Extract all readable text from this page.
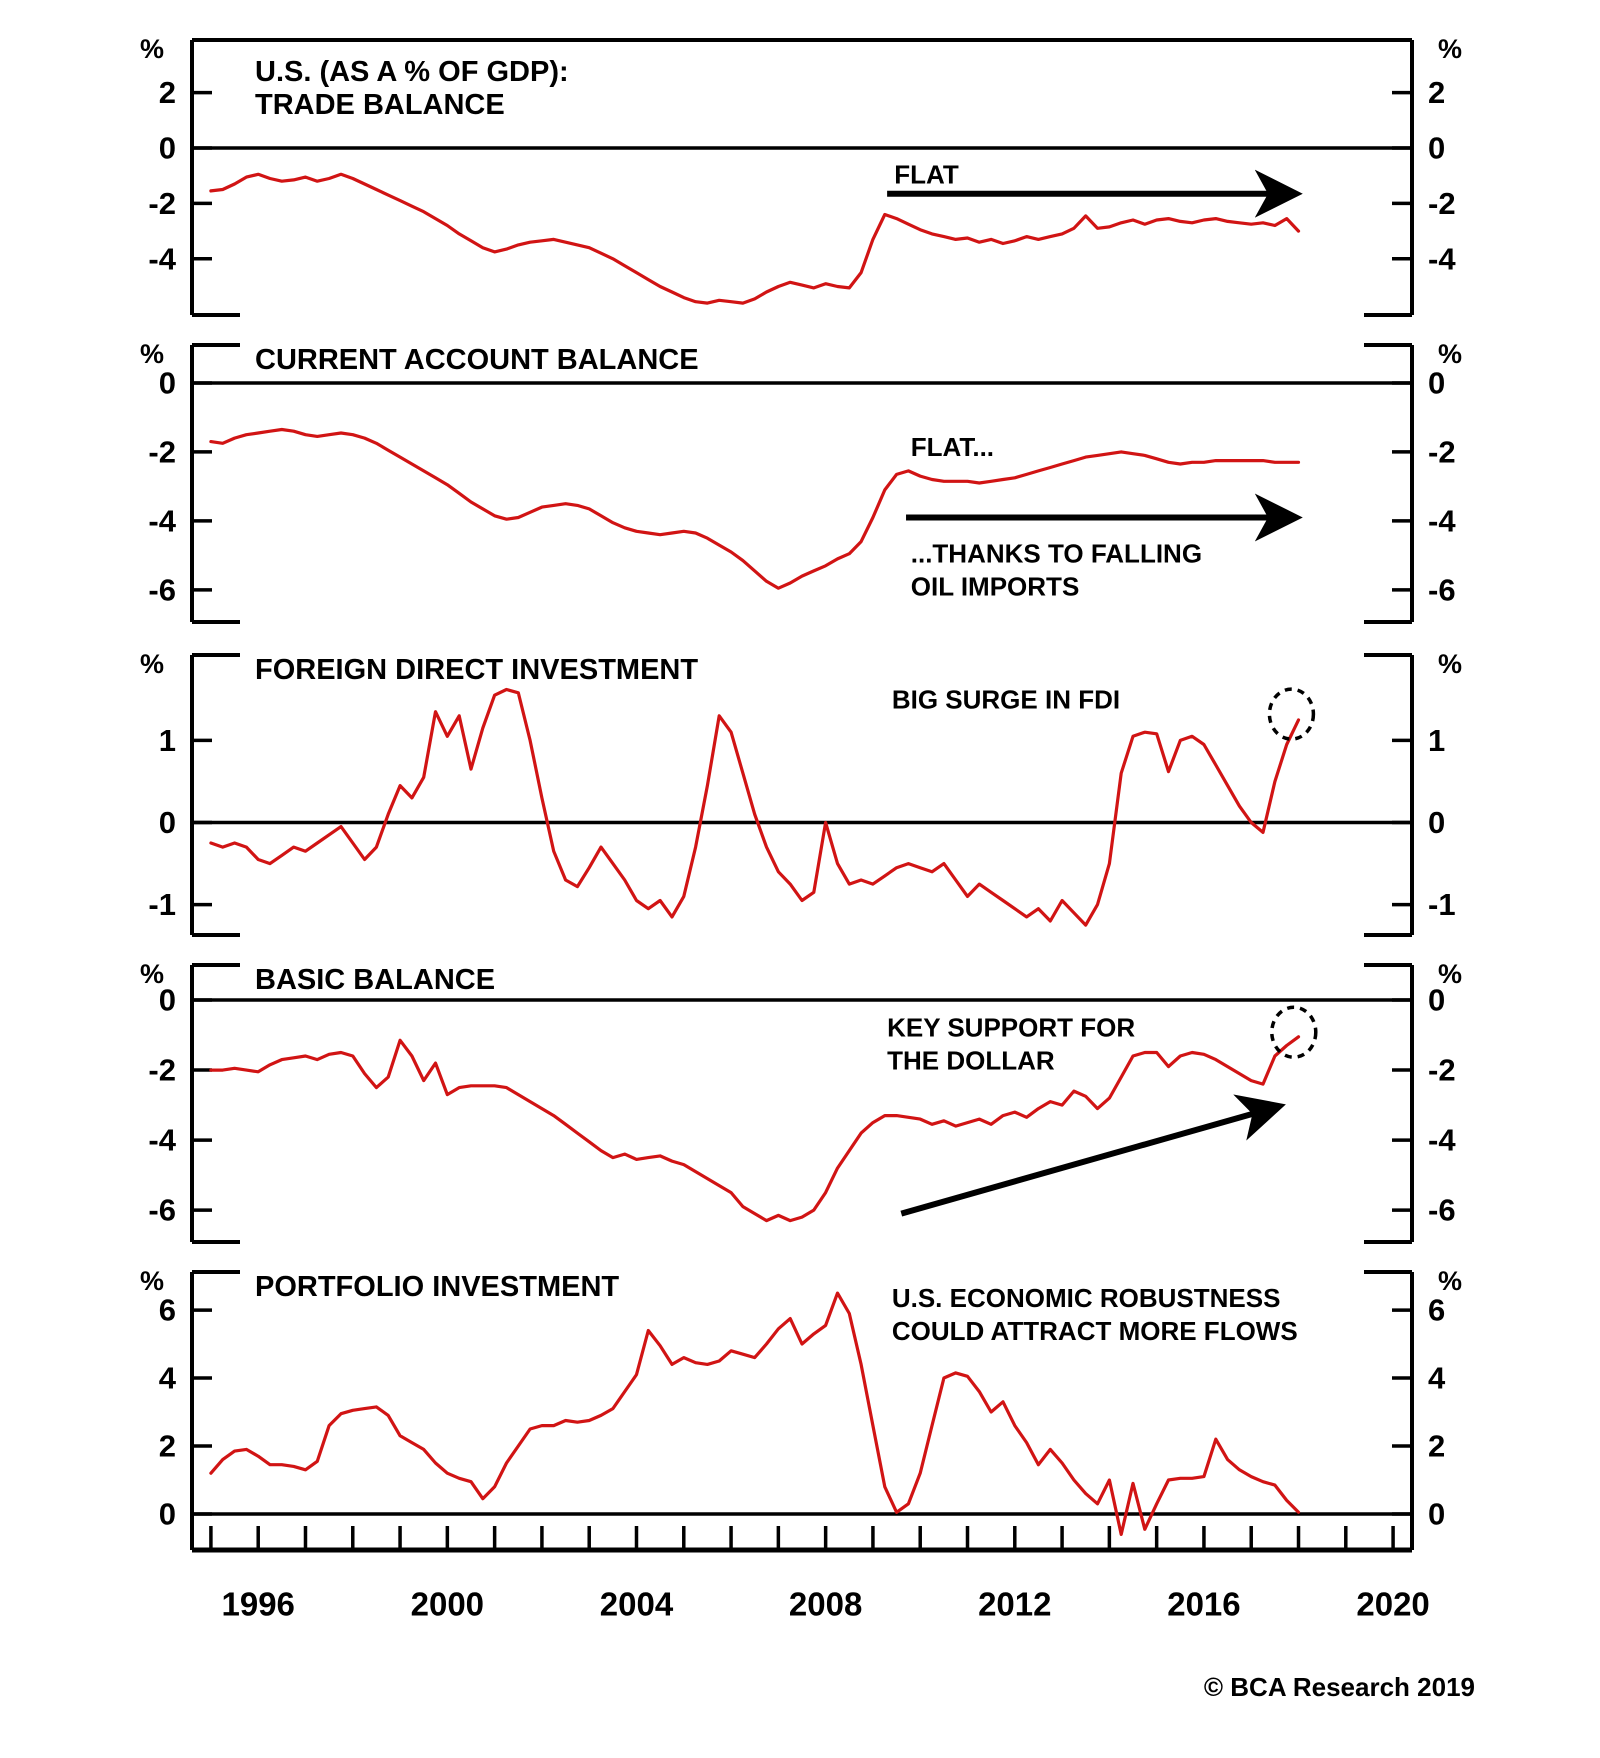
2	2
0	0
-2	-2
-4	-4
%	%
U.S. (AS A % OF GDP):
TRADE BALANCE
FLAT
0	0
-2	-2
-4	-4
-6	-6
%	%
CURRENT ACCOUNT BALANCE
FLAT...
...THANKS TO FALLING
OIL IMPORTS
1	1
0	0
-1	-1
%	%
FOREIGN DIRECT INVESTMENT
BIG SURGE IN FDI
0	0
-2	-2
-4	-4
-6	-6
%	%
BASIC BALANCE
KEY SUPPORT FOR
THE DOLLAR
1996	2000	2004	2008	2012	2016	2020
6	6
4	4
2	2
0	0
%	%
PORTFOLIO INVESTMENT	U.S. ECONOMIC ROBUSTNESS
COULD ATTRACT MORE FLOWS
© BCA Research 2019
